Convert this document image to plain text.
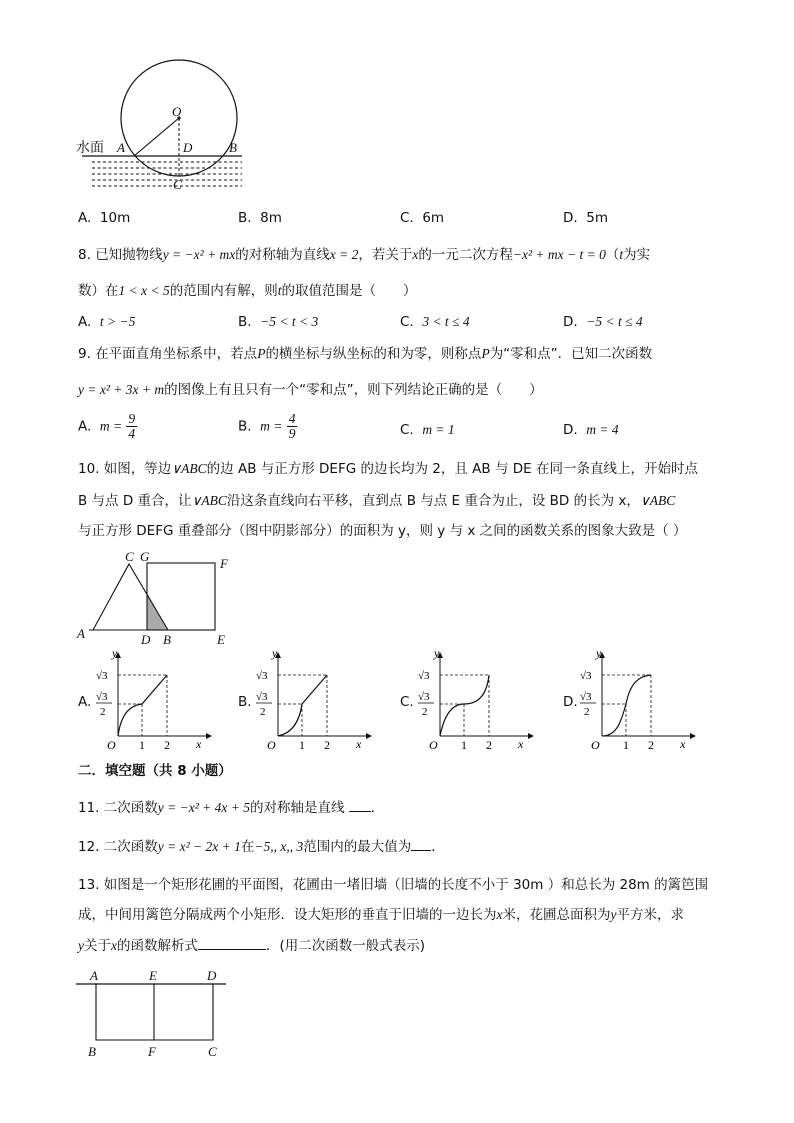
水面
O
A	D	B
C
A. 10m	B. 8m	C. 6m	D. 5m
8. 已知抛物线y = −x² + mx的对称轴为直线x = 2，若关于x的一元二次方程−x² + mx − t = 0（t为实
数）在1 < x < 5的范围内有解，则t的取值范围是（　　）
A. t > −5	B. −5 < t < 3	C. 3 < t ≤ 4	D. −5 < t ≤ 4
9. 在平面直角坐标系中，若点P的横坐标与纵坐标的和为零，则称点P为“零和点”．已知二次函数
y = x² + 3x + m的图像上有且只有一个“零和点”，则下列结论正确的是（　　）
A. $m = \frac{9}{4}$	B. $m = \frac{4}{9}$	C. m = 1	D. m = 4
10. 如图，等边∨ABC的边 AB 与正方形 DEFG 的边长均为 2，且 AB 与 DE 在同一条直线上，开始时点
B 与点 D 重合，让∨ABC沿这条直线向右平移，直到点 B 与点 E 重合为止，设 BD 的长为 x，∨ABC
与正方形 DEFG 重叠部分（图中阴影部分）的面积为 y，则 y 与 x 之间的函数关系的图象大致是（ ）
C G	F
A	D B	E
A.
y
x
O 1 2
√3
√3
2
B.
y
x
O 1 2
√3
√3
2
C.
y
x
O 1 2
√3
√3
2
D.
y
x
O 1 2
√3
√3
2
二．填空题（共 8 小题）
11. 二次函数y = −x² + 4x + 5的对称轴是直线 ．
12. 二次函数y = x² − 2x + 1在−5,, x,, 3范围内的最大值为 ．
13. 如图是一个矩形花圃的平面图，花圃由一堵旧墙（旧墙的长度不小于 30m ）和总长为 28m 的篱笆围
成，中间用篱笆分隔成两个小矩形．设大矩形的垂直于旧墙的一边长为x米，花圃总面积为y平方米，求
y关于x的函数解析式	．(用二次函数一般式表示)
A	E	D
B	F	C
